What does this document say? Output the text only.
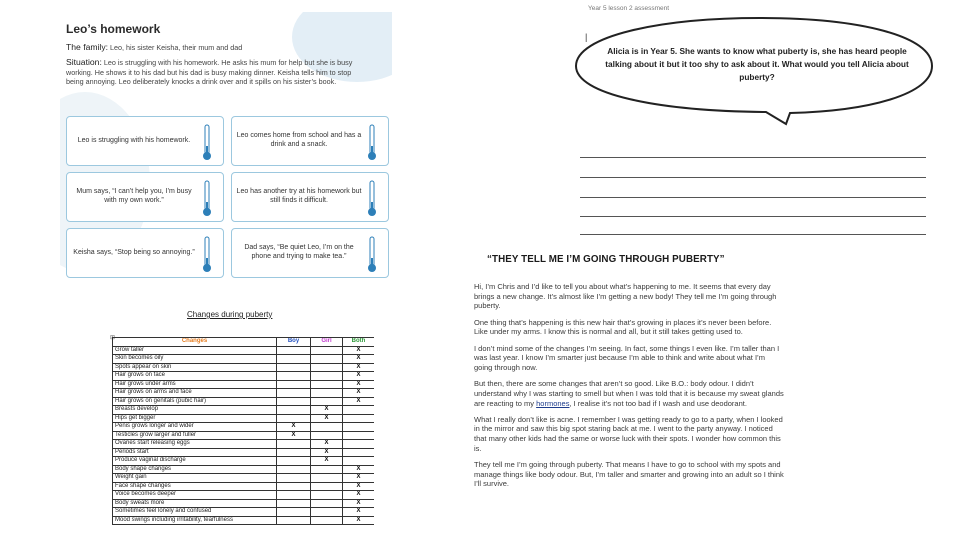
Leo’s homework
The family: Leo, his sister Keisha, their mum and dad
Situation: Leo is struggling with his homework. He asks his mum for help but she is busy working. He shows it to his dad but his dad is busy making dinner. Keisha tells him to stop being annoying. Leo deliberately knocks a drink over and it spills on his sister’s book.
Leo is struggling with his homework.
Leo comes home from school and has a drink and a snack.
Mum says, “I can’t help you, I’m busy with my own work.”
Leo has another try at his homework but still finds it difficult.
Keisha says, “Stop being so annoying.”
Dad says, “Be quiet Leo, I’m on the phone and trying to make tea.”
Changes during puberty
⊞	Changes	Boy	Girl	Both
Grow taller			X
Skin becomes oily			X
Spots appear on skin			X
Hair grows on face			X
Hair grows under arms			X
Hair grows on arms and face			X
Hair grows on genitals (pubic hair)			X
Breasts develop		X	
Hips get bigger		X	
Penis grows longer and wider	X		
Testicles grow larger and fuller	X		
Ovaries start releasing eggs		X	
Periods start		X	
Produce vaginal discharge		X	
Body shape changes			X
Weight gain			X
Face shape changes			X
Voice becomes deeper			X
Body sweats more			X
Sometimes feel lonely and confused			X
Mood swings including irritability, tearfulness			X
Year 5 lesson 2 assessment
|
Alicia is in Year 5. She wants to know what puberty is, she has heard people talking about it but it too shy to ask about it. What would you tell Alicia about puberty?
“THEY TELL ME I’M GOING THROUGH PUBERTY”

Hi, I’m Chris and I’d like to tell you about what’s happening to me. It seems that every day brings a new change. It’s almost like I’m getting a new body! They tell me I’m going through puberty.

One thing that’s happening is this new hair that’s growing in places it’s never been before. Like under my arms. I know this is normal and all, but it still takes getting used to.

I don’t mind some of the changes I’m seeing. In fact, some things I even like. I’m taller than I was last year. I know I’m smarter just because I’m able to think and write about what I’m going through now.

But then, there are some changes that aren’t so good. Like B.O.: body odour. I didn’t understand why I was starting to smell but when I was told that it is because my sweat glands are reacting to my hormones, I realise it’s not too bad if I wash and use deodorant.

What I really don’t like is acne. I remember I was getting ready to go to a party, when I looked in the mirror and saw this big spot staring back at me. I went to the party anyway. I noticed that many other kids had the same or worse luck with their spots. I wonder how common this is.

They tell me I’m going through puberty. That means I have to go to school with my spots and manage things like body odour. But, I’m taller and smarter and growing into an adult so I think I’ll survive.
